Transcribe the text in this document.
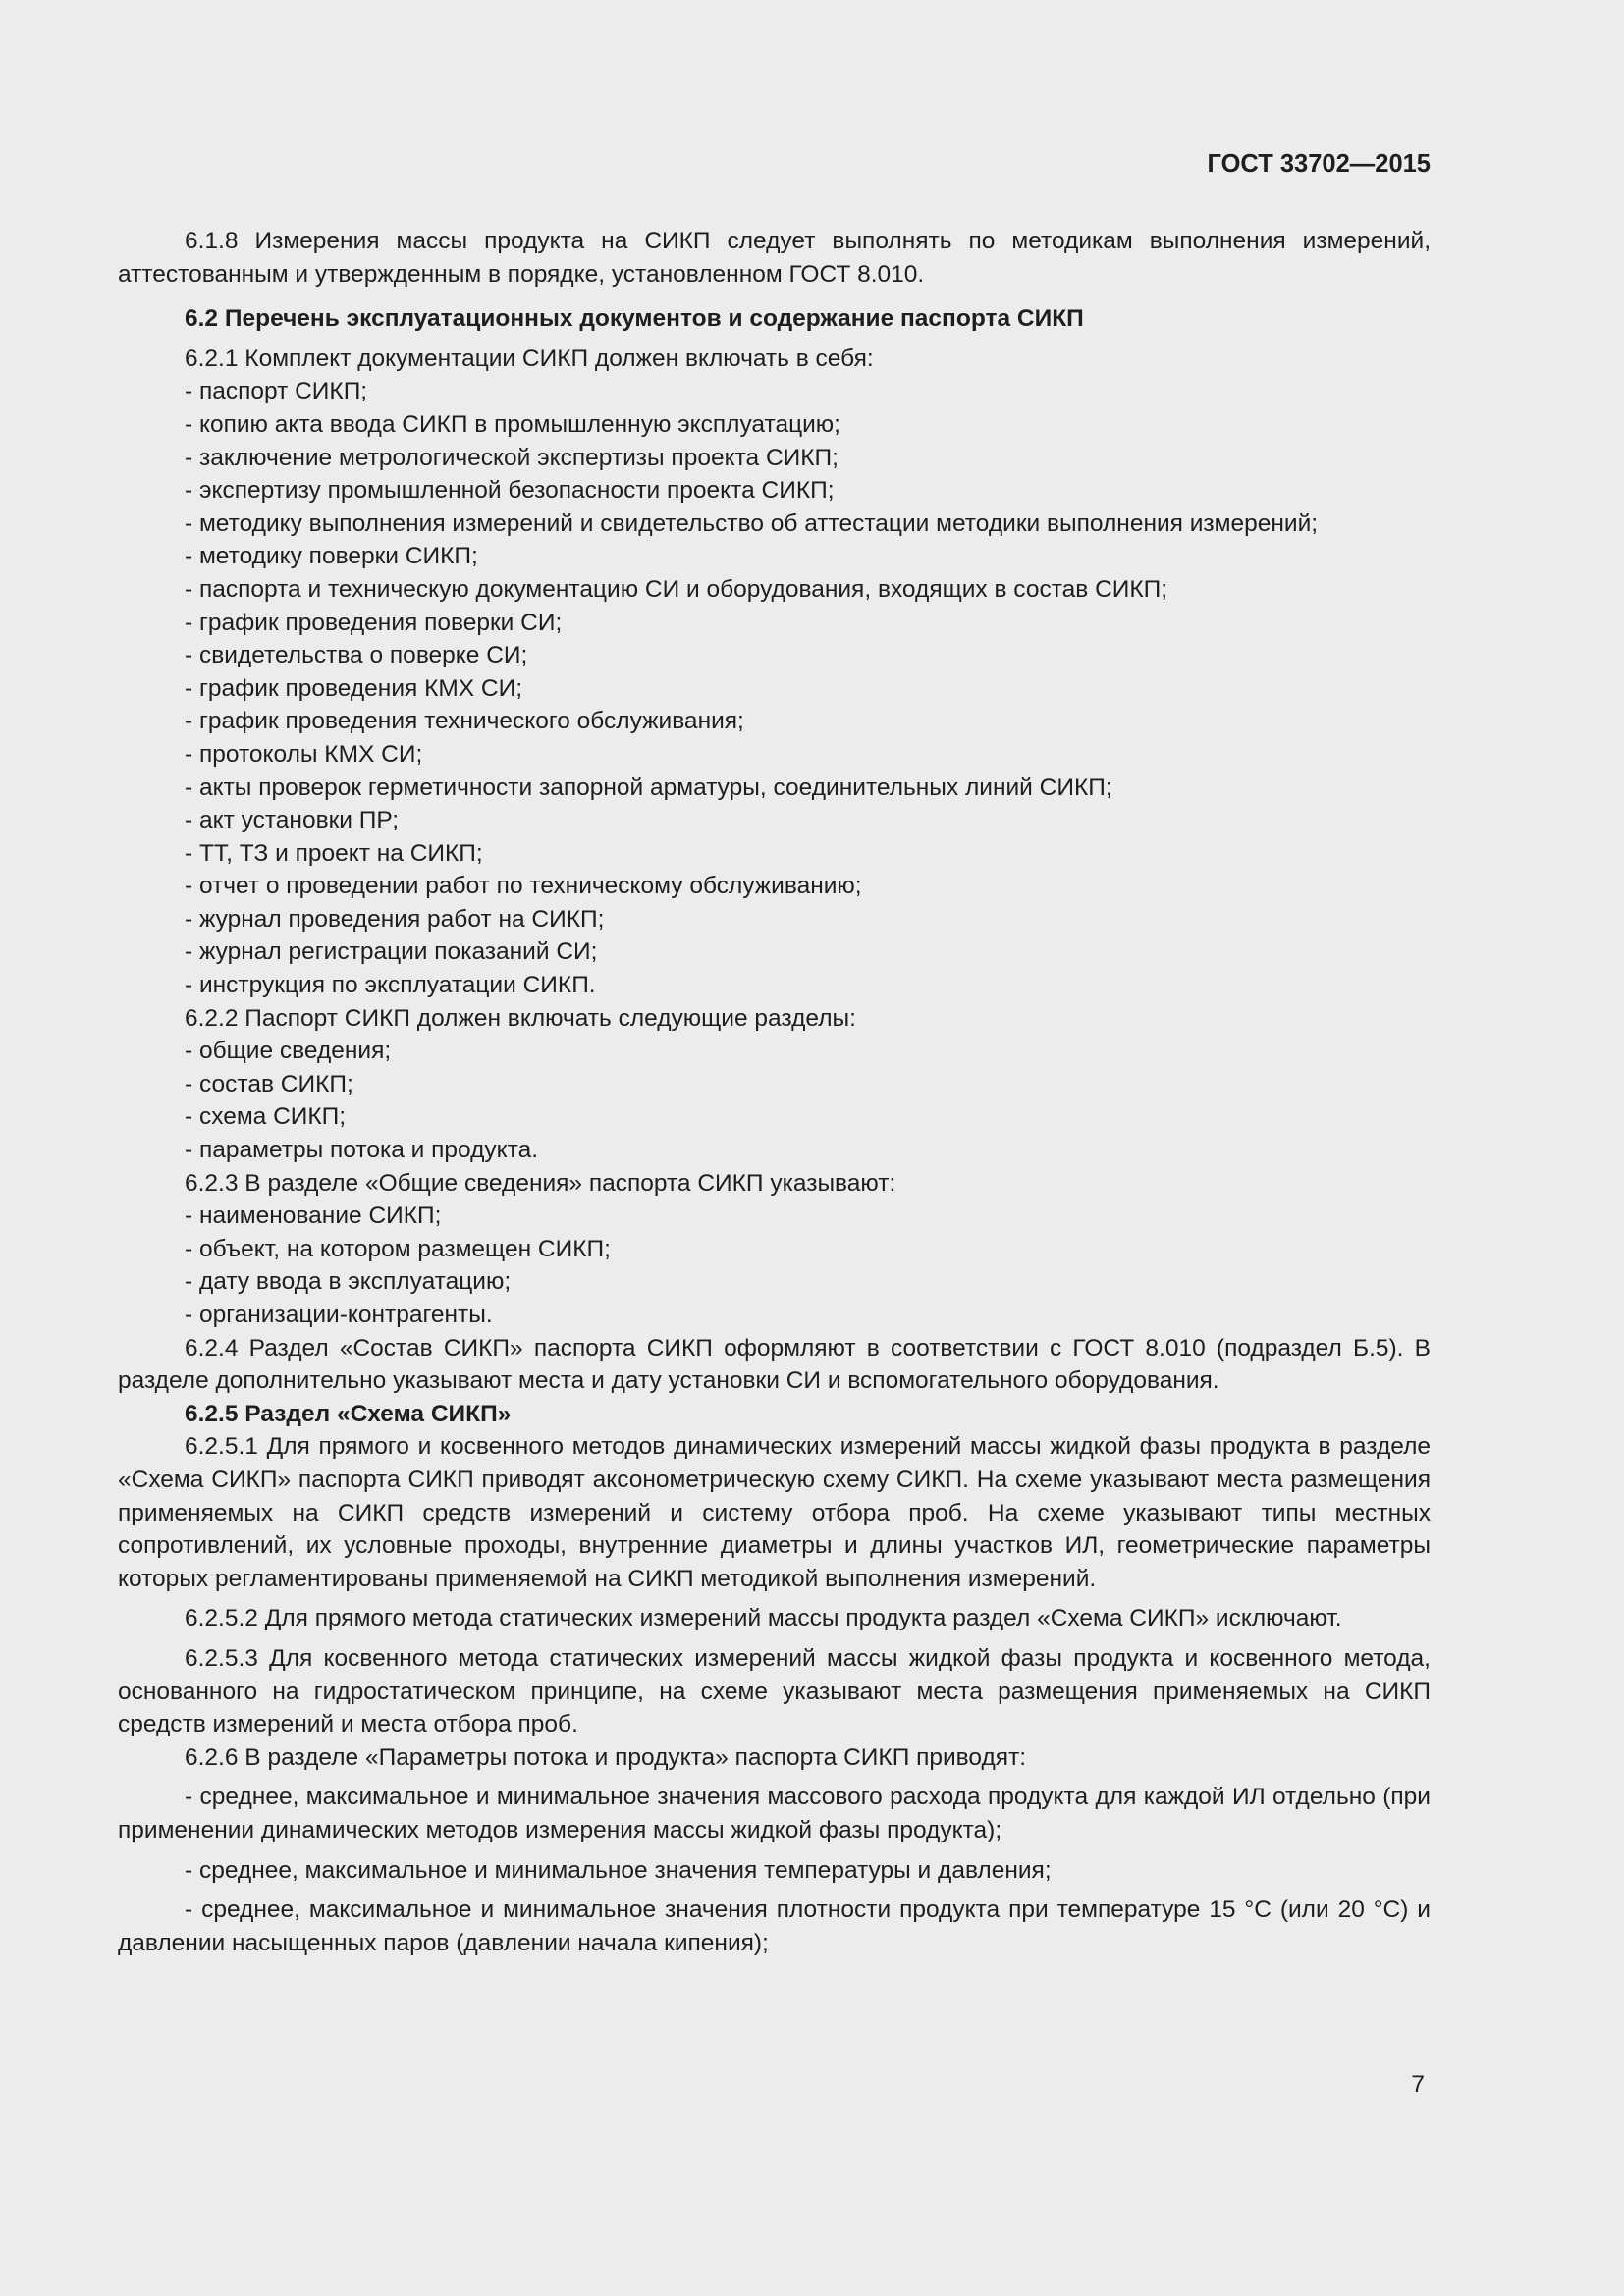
ГОСТ 33702—2015

6.1.8 Измерения массы продукта на СИКП следует выполнять по методикам выполнения измерений, аттестованным и утвержденным в порядке, установленном ГОСТ 8.010.

6.2 Перечень эксплуатационных документов и содержание паспорта СИКП

6.2.1 Комплект документации СИКП должен включать в себя:

- паспорт СИКП;
- копию акта ввода СИКП в промышленную эксплуатацию;
- заключение метрологической экспертизы проекта СИКП;
- экспертизу промышленной безопасности проекта СИКП;
- методику выполнения измерений и свидетельство об аттестации методики выполнения измерений;
- методику поверки СИКП;
- паспорта и техническую документацию СИ и оборудования, входящих в состав СИКП;
- график проведения поверки СИ;
- свидетельства о поверке СИ;
- график проведения КМХ СИ;
- график проведения технического обслуживания;
- протоколы КМХ СИ;
- акты проверок герметичности запорной арматуры, соединительных линий СИКП;
- акт установки ПР;
- ТТ, ТЗ и проект на СИКП;
- отчет о проведении работ по техническому обслуживанию;
- журнал проведения работ на СИКП;
- журнал регистрации показаний СИ;
- инструкция по эксплуатации СИКП.

6.2.2 Паспорт СИКП должен включать следующие разделы:

- общие сведения;
- состав СИКП;
- схема СИКП;
- параметры потока и продукта.

6.2.3 В разделе «Общие сведения» паспорта СИКП указывают:

- наименование СИКП;
- объект, на котором размещен СИКП;
- дату ввода в эксплуатацию;
- организации-контрагенты.

6.2.4 Раздел «Состав СИКП» паспорта СИКП оформляют в соответствии с ГОСТ 8.010 (подраздел Б.5). В разделе дополнительно указывают места и дату установки СИ и вспомогательного оборудования.

6.2.5 Раздел «Схема СИКП»

6.2.5.1 Для прямого и косвенного методов динамических измерений массы жидкой фазы продукта в разделе «Схема СИКП» паспорта СИКП приводят аксонометрическую схему СИКП. На схеме указывают места размещения применяемых на СИКП средств измерений и систему отбора проб. На схеме указывают типы местных сопротивлений, их условные проходы, внутренние диаметры и длины участков ИЛ, геометрические параметры которых регламентированы применяемой на СИКП методикой выполнения измерений.

6.2.5.2 Для прямого метода статических измерений массы продукта раздел «Схема СИКП» исключают.

6.2.5.3 Для косвенного метода статических измерений массы жидкой фазы продукта и косвенного метода, основанного на гидростатическом принципе, на схеме указывают места размещения применяемых на СИКП средств измерений и места отбора проб.

6.2.6 В разделе «Параметры потока и продукта» паспорта СИКП приводят:

- среднее, максимальное и минимальное значения массового расхода продукта для каждой ИЛ отдельно (при применении динамических методов измерения массы жидкой фазы продукта);

- среднее, максимальное и минимальное значения температуры и давления;

- среднее, максимальное и минимальное значения плотности продукта при температуре 15 °С (или 20 °С) и давлении насыщенных паров (давлении начала кипения);

7
